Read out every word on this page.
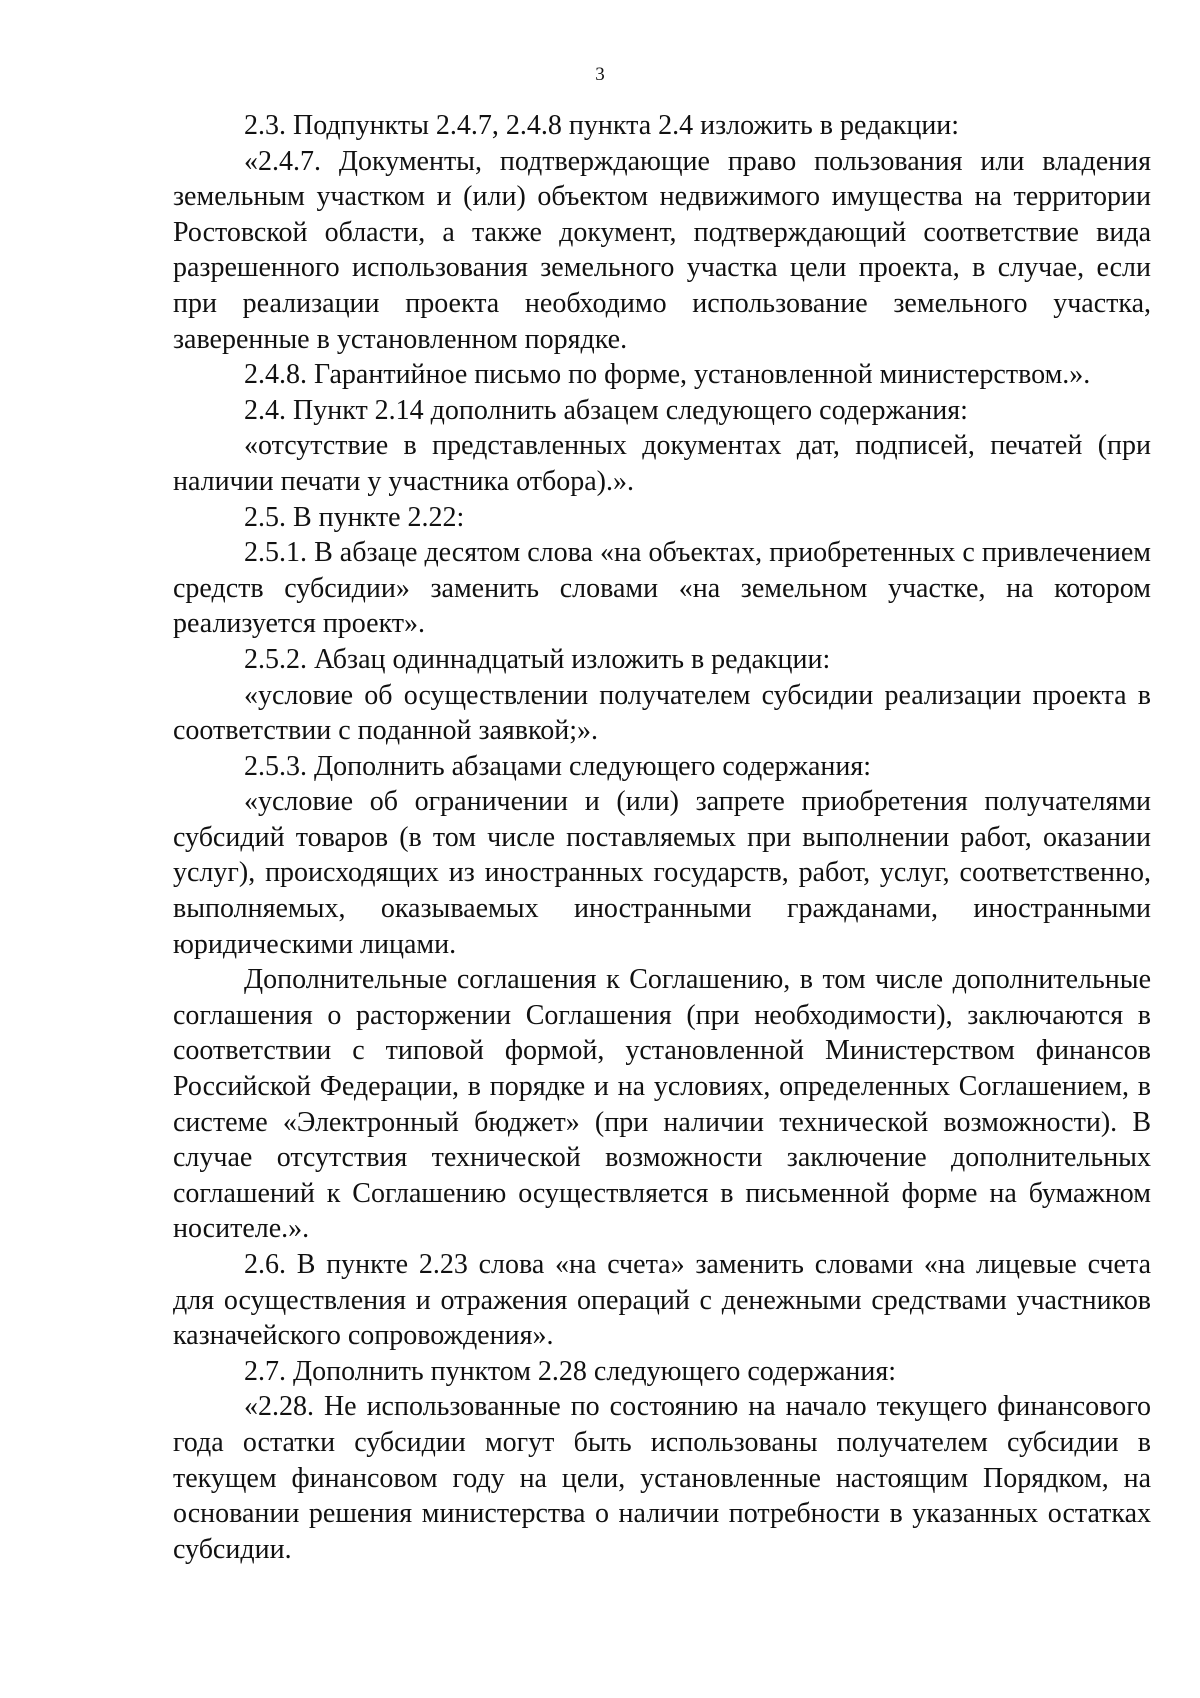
3

2.3. Подпункты 2.4.7, 2.4.8 пункта 2.4 изложить в редакции:

«2.4.7. Документы, подтверждающие право пользования или владения земельным участком и (или) объектом недвижимого имущества на территории Ростовской области, а также документ, подтверждающий соответствие вида разрешенного использования земельного участка цели проекта, в случае, если при реализации проекта необходимо использование земельного участка, заверенные в установленном порядке.

2.4.8. Гарантийное письмо по форме, установленной министерством.».

2.4. Пункт 2.14 дополнить абзацем следующего содержания:

«отсутствие в представленных документах дат, подписей, печатей (при наличии печати у участника отбора).».

2.5. В пункте 2.22:

2.5.1. В абзаце десятом слова «на объектах, приобретенных с привлечением средств субсидии» заменить словами «на земельном участке, на котором реализуется проект».

2.5.2. Абзац одиннадцатый изложить в редакции:

«условие об осуществлении получателем субсидии реализации проекта в соответствии с поданной заявкой;».

2.5.3. Дополнить абзацами следующего содержания:

«условие об ограничении и (или) запрете приобретения получателями субсидий товаров (в том числе поставляемых при выполнении работ, оказании услуг), происходящих из иностранных государств, работ, услуг, соответственно, выполняемых, оказываемых иностранными гражданами, иностранными юридическими лицами.

Дополнительные соглашения к Соглашению, в том числе дополнительные соглашения о расторжении Соглашения (при необходимости), заключаются в соответствии с типовой формой, установленной Министерством финансов Российской Федерации, в порядке и на условиях, определенных Соглашением, в системе «Электронный бюджет» (при наличии технической возможности). В случае отсутствия технической возможности заключение дополнительных соглашений к Соглашению осуществляется в письменной форме на бумажном носителе.».

2.6. В пункте 2.23 слова «на счета» заменить словами «на лицевые счета для осуществления и отражения операций с денежными средствами участников казначейского сопровождения».

2.7. Дополнить пунктом 2.28 следующего содержания:

«2.28. Не использованные по состоянию на начало текущего финансового года остатки субсидии могут быть использованы получателем субсидии в текущем финансовом году на цели, установленные настоящим Порядком, на основании решения министерства о наличии потребности в указанных остатках субсидии.
